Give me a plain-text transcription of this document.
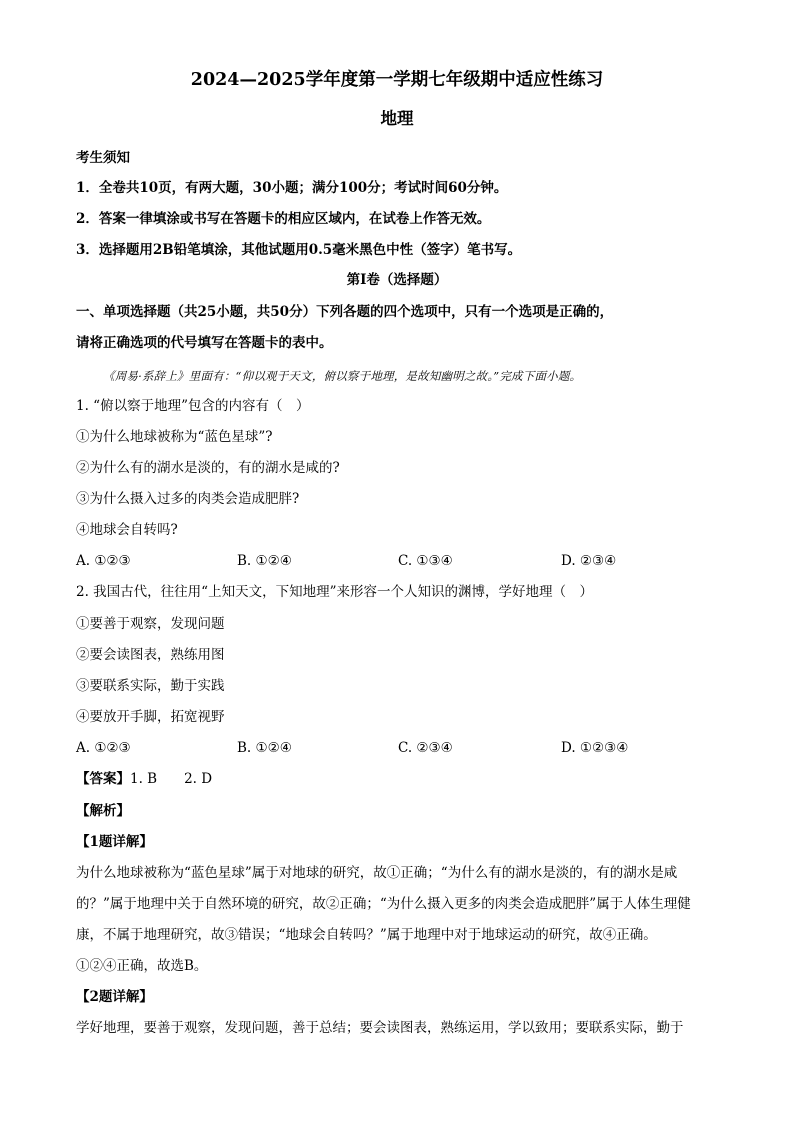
2024—2025学年度第一学期七年级期中适应性练习
地理
考生须知
1．全卷共10页，有两大题，30小题；满分100分；考试时间60分钟。
2．答案一律填涂或书写在答题卡的相应区域内，在试卷上作答无效。
3．选择题用2B铅笔填涂，其他试题用0.5毫米黑色中性（签字）笔书写。
第Ⅰ卷（选择题）
一、单项选择题（共25小题，共50分）下列各题的四个选项中，只有一个选项是正确的，
请将正确选项的代号填写在答题卡的表中。
《周易·系辞上》里面有：“仰以观于天文，俯以察于地理，是故知幽明之故。”完成下面小题。
1. “俯以察于地理”包含的内容有（　）
①为什么地球被称为“蓝色星球”?
②为什么有的湖水是淡的，有的湖水是咸的?
③为什么摄入过多的肉类会造成肥胖?
④地球会自转吗?
A. ①②③	B. ①②④	C. ①③④	D. ②③④
2. 我国古代，往往用“上知天文，下知地理”来形容一个人知识的渊博，学好地理（　）
①要善于观察，发现问题
②要会读图表，熟练用图
③要联系实际，勤于实践
④要放开手脚，拓宽视野
A. ①②③	B. ①②④	C. ②③④	D. ①②③④
【答案】1. B　　2. D
【解析】
【1题详解】
为什么地球被称为“蓝色星球”属于对地球的研究，故①正确；“为什么有的湖水是淡的，有的湖水是咸
的？”属于地理中关于自然环境的研究，故②正确；“为什么摄入更多的肉类会造成肥胖”属于人体生理健
康，不属于地理研究，故③错误；“地球会自转吗？”属于地理中对于地球运动的研究，故④正确。
①②④正确，故选B。
【2题详解】
学好地理，要善于观察，发现问题，善于总结；要会读图表，熟练运用，学以致用；要联系实际，勤于
